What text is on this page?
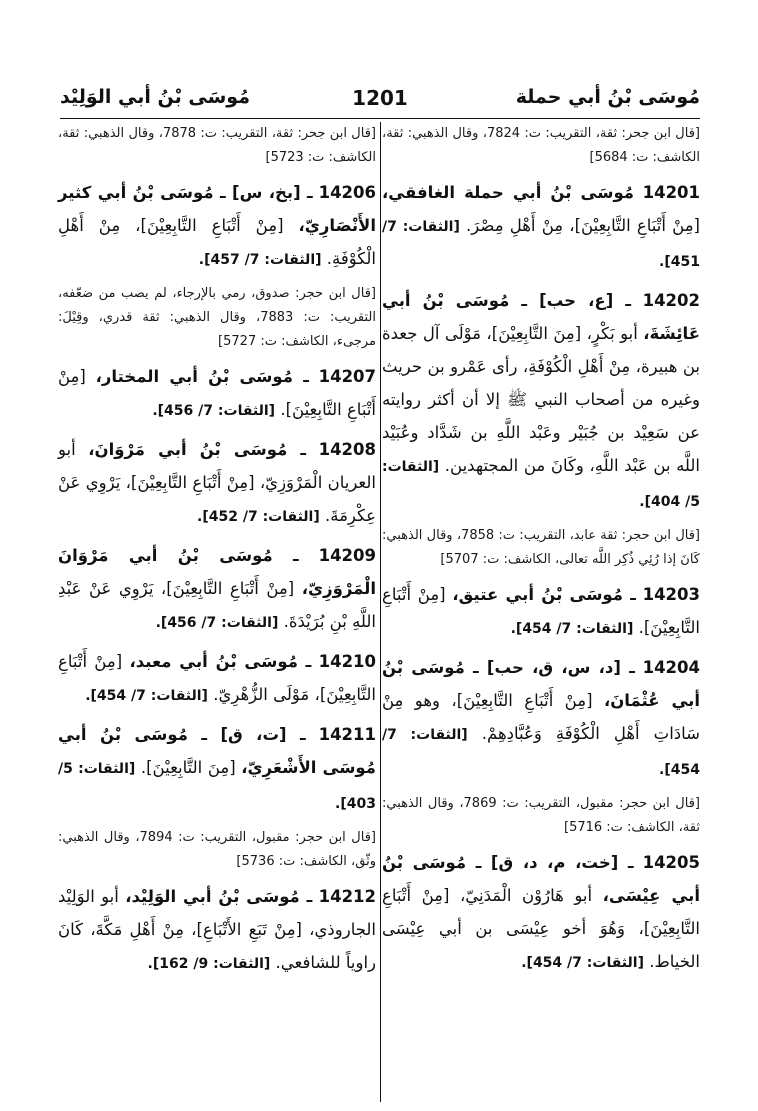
مُوسَى بْنُ أبي حملة
1201
مُوسَى بْنُ أبي الوَلِيْد
[قال ابن جحر: ثقة، التقريب: ت: 7824، وقال الذهبي: ثقة، الكاشف: ت: 5684]
14201 مُوسَى بْنُ أبي حملة الغافقي، [مِنْ أَتْبَاعِ التَّابِعِيْنَ]، مِنْ أَهْلِ مِصْرَ. [الثقات: 7/ 451].
14202 ـ [ع، حب] ـ مُوسَى بْنُ أبي عَائِشَةَ، أبو بَكْرٍ، [مِنَ التَّابِعِيْنَ]، مَوْلَى آل جعدة بن هبيرة، مِنْ أَهْلِ الْكُوْفَةِ، رأى عَمْرو بن حريث وغيره من أصحاب النبي ﷺ إلا أن أكثر روايته عن سَعِيْد بن جُبَيْر وعَبْد اللَّهِ بن شَدَّاد وعُبَيْد اللَّه بن عَبْد اللَّهِ، وكَانَ من المجتهدين. [الثقات: 5/ 404].
[قال ابن حجر: ثقة عابد، التقريب: ت: 7858، وقال الذهبي: كَانَ إذا رُئِي ذُكِر اللَّه تعالى، الكاشف: ت: 5707]
14203 ـ مُوسَى بْنُ أبي عتيق، [مِنْ أَتْبَاعِ التَّابِعِيْنَ]. [الثقات: 7/ 454].
14204 ـ [د، س، ق، حب] ـ مُوسَى بْنُ أبي عُثْمَانَ، [مِنْ أَتْبَاعِ التَّابِعِيْنَ]، وهو مِنْ سَادَاتِ أَهْلِ الْكُوْفَةِ وَعُبَّادِهِمْ. [الثقات: 7/ 454].
[قال ابن حجر: مقبول، التقريب: ت: 7869، وقال الذهبي: ثقة، الكاشف: ت: 5716]
14205 ـ [خت، م، د، ق] ـ مُوسَى بْنُ أبي عِيْسَى، أبو هَارُوْن الْمَدَنِيّ، [مِنْ أَتْبَاعِ التَّابِعِيْنَ]، وَهُوَ أخو عِيْسَى بن أبي عِيْسَى الخياط. [الثقات: 7/ 454].
[قال ابن جحر: ثقة، التقريب: ت: 7878، وقال الذهبي: ثقة، الكاشف: ت: 5723]
14206 ـ [بخ، س] ـ مُوسَى بْنُ أبي كثير الأَنْصَارِيّ، [مِنْ أَتْبَاعِ التَّابِعِيْنَ]، مِنْ أَهْلِ الْكُوْفَةِ. [الثقات: 7/ 457].
[قال ابن حجر: صدوق، رمي بالإرجاء، لم يصب من ضعّفه، التقريب: ت: 7883، وقال الذهبي: ثقة قدري، وقِيْلَ: مرجىء، الكاشف: ت: 5727]
14207 ـ مُوسَى بْنُ أبي المختار، [مِنْ أَتْبَاعِ التَّابِعِيْنَ]. [الثقات: 7/ 456].
14208 ـ مُوسَى بْنُ أبي مَرْوَانَ، أبو العريان الْمَرْوَزِيّ، [مِنْ أَتْبَاعِ التَّابِعِيْنَ]، يَرْوِي عَنْ عِكْرِمَةَ. [الثقات: 7/ 452].
14209 ـ مُوسَى بْنُ أبي مَرْوَانَ الْمَرْوَزِيّ، [مِنْ أَتْبَاعِ التَّابِعِيْنَ]، يَرْوِي عَنْ عَبْدِ اللَّهِ بْنِ بُرَيْدَةَ. [الثقات: 7/ 456].
14210 ـ مُوسَى بْنُ أبي معبد، [مِنْ أَتْبَاعِ التَّابِعِيْنَ]، مَوْلَى الزُّهْرِيّ. [الثقات: 7/ 454].
14211 ـ [ت، ق] ـ مُوسَى بْنُ أبي مُوسَى الأَشْعَرِيّ، [مِنَ التَّابِعِيْنَ]. [الثقات: 5/ 403].
[قال ابن حجر: مقبول، التقريب: ت: 7894، وقال الذهبي: وثّق، الكاشف: ت: 5736]
14212 ـ مُوسَى بْنُ أبي الوَلِيْد، أبو الوَلِيْد الجاروذي، [مِنْ تَبَعِ الأَتْبَاعِ]، مِنْ أَهْلِ مَكَّةَ، كَانَ راوياً للشافعي. [الثقات: 9/ 162].
